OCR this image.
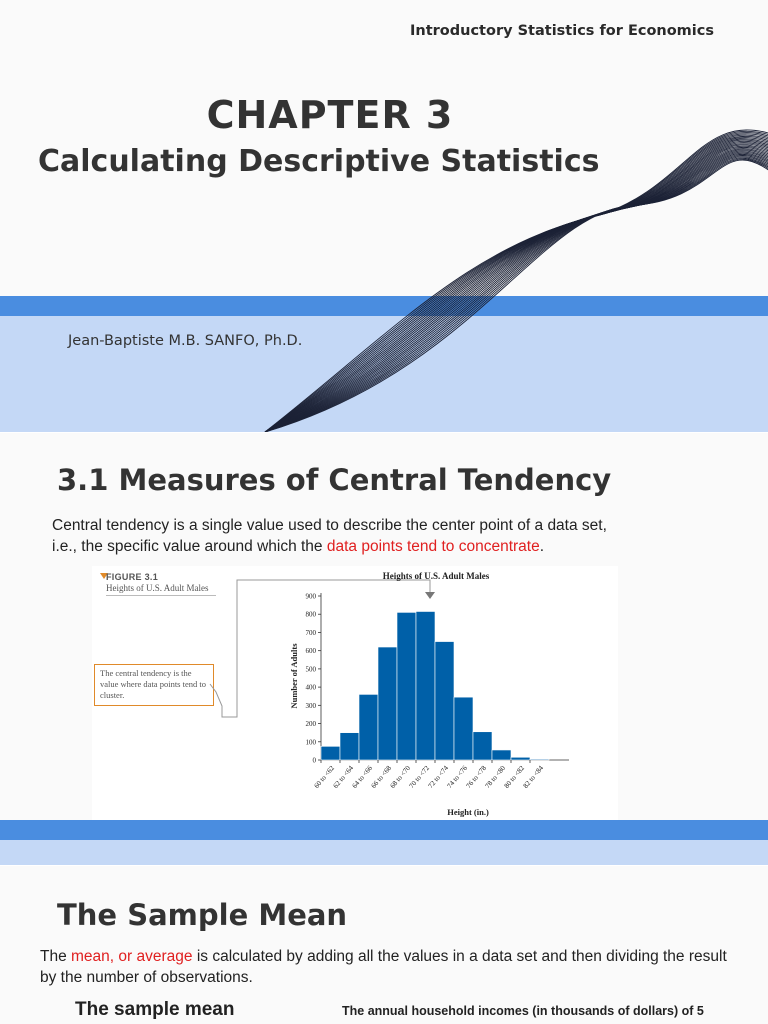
Introductory Statistics for Economics
CHAPTER 3
Calculating Descriptive Statistics
Jean-Baptiste M.B. SANFO, Ph.D.
3.1 Measures of Central Tendency
Central tendency is a single value used to describe the center point of a data set,
i.e., the specific value around which the data points tend to concentrate.
FIGURE 3.1
Heights of U.S. Adult Males
The central tendency is the value where data points tend to cluster.
Heights of U.S. Adult Males
0
100
200
300
400
500
600
700
800
900
60 to <62
62 to <64
64 to <66
66 to <68
68 to <70
70 to <72
72 to <74
74 to <76
76 to <78
78 to <80
80 to <82
82 to <84
Height (in.)
Number of Adults
The Sample Mean
The mean, or average is calculated by adding all the values in a data set and then dividing the result by the number of observations.
The sample mean	The annual household incomes (in thousands of dollars) of 5
